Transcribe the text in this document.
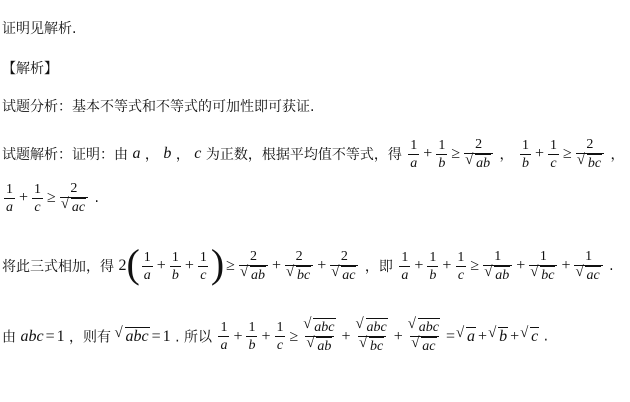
证明见解析.
【解析】
试题分析：基本不等式和不等式的可加性即可获证.
试题解析：证明：由 a ， b ， c 为正数，根据平均值不等式，得 $\frac{1}{a} + \frac{1}{b} \ge 2$
√ ab ， $\frac{1}{b} + \frac{1}{c} \ge 2$
√ bc ，
$\frac{1}{a} + \frac{1}{c} \ge 2$
√ ac .
将此三式相加，得 $2( \frac{1}{a} + \frac{1}{b} + \frac{1}{c}$ ) ≥ 2
√ ab + 2
√ bc + 2
√ ac ，即 $\frac{1}{a} + \frac{1}{b} + \frac{1}{c} \ge 1$
√ ab + 1
√ bc + 1
√ ac .
由 abc = 1 ，则有 √ abc = 1 . 所以 $\frac{1}{a} + \frac{1}{b} + \frac{1}{c}$ ≥ √ abc
√ ab + √ abc
√ bc + √ abc
√ ac = √ a + √ b + √ c .
